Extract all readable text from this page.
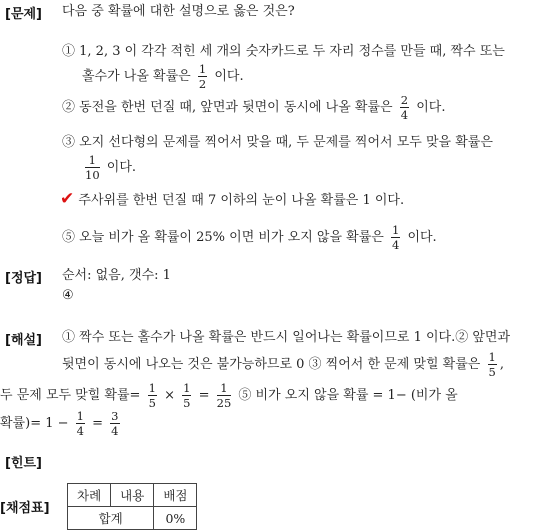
[문제]
[정답]
[해설]
[힌트]
[채점표]
다음 중 확률에 대한 설명으로 옳은 것은?
① 1, 2, 3 이 각각 적힌 세 개의 숫자카드로 두 자리 정수를 만들 때, 짝수 또는
홀수가 나올 확률은 $\frac{1}{2}$ 이다.
② 동전을 한번 던질 때, 앞면과 뒷면이 동시에 나올 확률은 $\frac{2}{4}$ 이다.
③ 오지 선다형의 문제를 찍어서 맞을 때, 두 문제를 찍어서 모두 맞을 확률은
$\frac{1}{10}$ 이다.
✔ 주사위를 한번 던질 때 7 이하의 눈이 나올 확률은 1 이다.
⑤ 오늘 비가 올 확률이 25% 이면 비가 오지 않을 확률은 $\frac{1}{4}$ 이다.
순서: 없음, 갯수: 1
④
① 짝수 또는 홀수가 나올 확률은 반드시 일어나는 확률이므로 1 이다.② 앞면과
뒷면이 동시에 나오는 것은 불가능하므로 0 ③ 찍어서 한 문제 맞힐 확률은 $\frac{1}{5}$ ,
두 문제 모두 맞힐 확률= $\frac{1}{5} \times \frac{1}{5} = \frac{1}{25}$ ⑤ 비가 오지 않을 확률 = 1− (비가 올
확률)= $1 - \frac{1}{4} = \frac{3}{4}$
차례	내용	배점
합계		0%
